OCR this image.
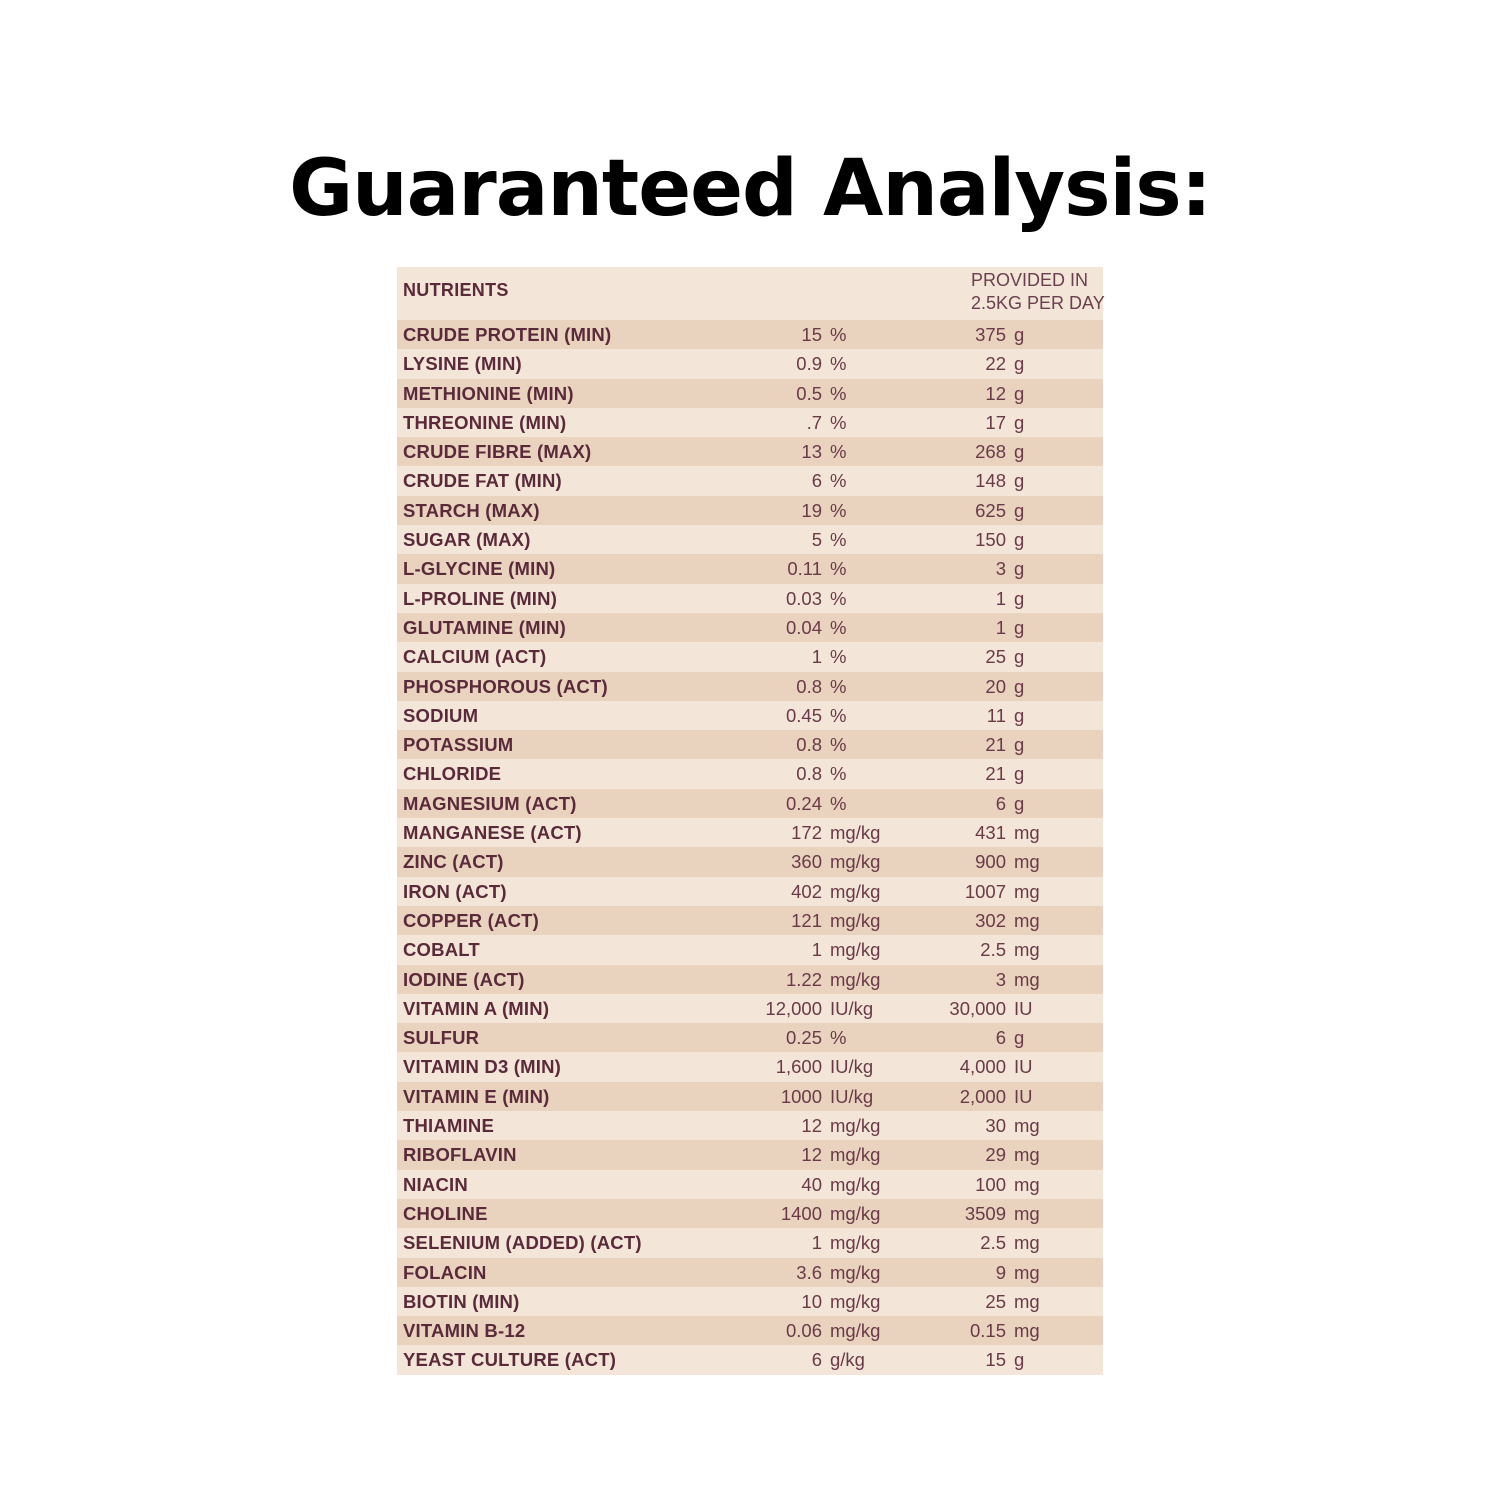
Guaranteed Analysis:
NUTRIENTS	PROVIDED IN
2.5KG PER DAY
CRUDE PROTEIN (MIN)	15 %	375 g
LYSINE (MIN)	0.9 %	22 g
METHIONINE (MIN)	0.5 %	12 g
THREONINE (MIN)	.7 %	17 g
CRUDE FIBRE (MAX)	13 %	268 g
CRUDE FAT (MIN)	6 %	148 g
STARCH (MAX)	19 %	625 g
SUGAR (MAX)	5 %	150 g
L-GLYCINE (MIN)	0.11 %	3 g
L-PROLINE (MIN)	0.03 %	1 g
GLUTAMINE (MIN)	0.04 %	1 g
CALCIUM (ACT)	1 %	25 g
PHOSPHOROUS (ACT)	0.8 %	20 g
SODIUM	0.45 %	11 g
POTASSIUM	0.8 %	21 g
CHLORIDE	0.8 %	21 g
MAGNESIUM (ACT)	0.24 %	6 g
MANGANESE (ACT)	172 mg/kg	431 mg
ZINC (ACT)	360 mg/kg	900 mg
IRON (ACT)	402 mg/kg	1007 mg
COPPER (ACT)	121 mg/kg	302 mg
COBALT	1 mg/kg	2.5 mg
IODINE (ACT)	1.22 mg/kg	3 mg
VITAMIN A (MIN)	12,000 IU/kg	30,000 IU
SULFUR	0.25 %	6 g
VITAMIN D3 (MIN)	1,600 IU/kg	4,000 IU
VITAMIN E (MIN)	1000 IU/kg	2,000 IU
THIAMINE	12 mg/kg	30 mg
RIBOFLAVIN	12 mg/kg	29 mg
NIACIN	40 mg/kg	100 mg
CHOLINE	1400 mg/kg	3509 mg
SELENIUM (ADDED) (ACT)	1 mg/kg	2.5 mg
FOLACIN	3.6 mg/kg	9 mg
BIOTIN (MIN)	10 mg/kg	25 mg
VITAMIN B-12	0.06 mg/kg	0.15 mg
YEAST CULTURE (ACT)	6 g/kg	15 g
